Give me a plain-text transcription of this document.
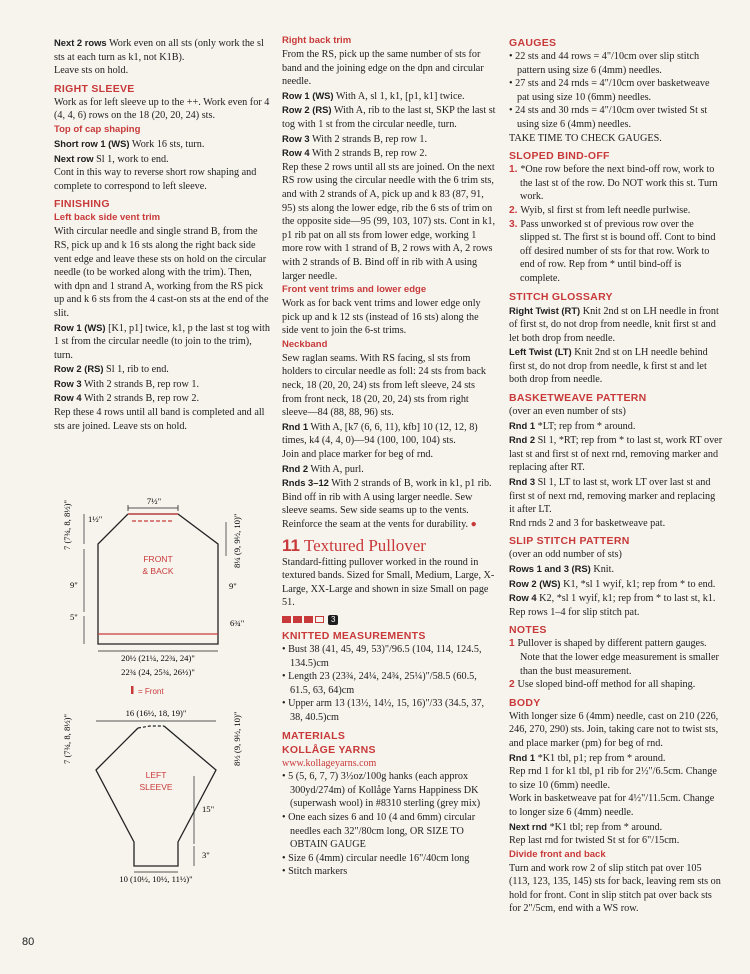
Next 2 rows Work even on all sts (only work the sl sts at each turn as k1, not K1B).

Leave sts on hold.

RIGHT SLEEVE

Work as for left sleeve up to the ++. Work even for 4 (4, 4, 6) rows on the 18 (20, 20, 24) sts.

Top of cap shaping

Short row 1 (WS) Work 16 sts, turn.

Next row Sl 1, work to end.

Cont in this way to reverse short row shaping and complete to correspond to left sleeve.

FINISHING

Left back side vent trim

With circular needle and single strand B, from the RS, pick up and k 16 sts along the right back side vent edge and leave these sts on hold on the circular needle (to be worked along with the trim). Then, with dpn and 1 strand A, working from the RS pick up and k 6 sts from the 4 cast-on sts at the end of the slit.

Row 1 (WS) [K1, p1] twice, k1, p the last st tog with 1 st from the circular needle (to join to the trim), turn.

Row 2 (RS) Sl 1, rib to end.

Row 3 With 2 strands B, rep row 1.

Row 4 With 2 strands B, rep row 2.

Rep these 4 rows until all band is completed and all sts are joined. Leave sts on hold.

7½"
1½"
FRONT
& BACK
7 (7¾, 8, 8½)"
9"
5"
8¼ (9, 9½, 10)"
9"
6¾"
20½ (21¼, 22¾, 24)"
22¾ (24, 25¾, 26½)"
= Front
16 (16½, 18, 19)"
LEFT
SLEEVE
7 (7¾, 8, 8½)"	8½ (9, 9½, 10)"
15"
3"
10 (10½, 10½, 11½)"

Right back trim

From the RS, pick up the same number of sts for band and the joining edge on the dpn and circular needle.

Row 1 (WS) With A, sl 1, k1, [p1, k1] twice.

Row 2 (RS) With A, rib to the last st, SKP the last st tog with 1 st from the circular needle, turn.

Row 3 With 2 strands B, rep row 1.

Row 4 With 2 strands B, rep row 2.

Rep these 2 rows until all sts are joined. On the next RS row using the circular needle with the 6 trim sts, and with 2 strands of A, pick up and k 83 (87, 91, 95) sts along the lower edge, rib the 6 sts of trim on the opposite side—95 (99, 103, 107) sts. Cont in k1, p1 rib pat on all sts from lower edge, working 1 more row with 1 strand of B, 2 rows with A, 2 rows with 2 strands of B. Bind off in rib with A using larger needle.

Front vent trims and lower edge

Work as for back vent trims and lower edge only pick up and k 12 sts (instead of 16 sts) along the side vent to join the 6-st trims.

Neckband

Sew raglan seams. With RS facing, sl sts from holders to circular needle as foll: 24 sts from back neck, 18 (20, 20, 24) sts from left sleeve, 24 sts from front neck, 18 (20, 20, 24) sts from right sleeve—84 (88, 88, 96) sts.

Rnd 1 With A, [k7 (6, 6, 11), kfb] 10 (12, 12, 8) times, k4 (4, 4, 0)—94 (100, 100, 104) sts.

Join and place marker for beg of rnd.

Rnd 2 With A, purl.

Rnds 3–12 With 2 strands of B, work in k1, p1 rib. Bind off in rib with A using larger needle. Sew sleeve seams. Sew side seams up to the vents. Reinforce the seam at the vents for durability. ●

11 Textured Pullover

Standard-fitting pullover worked in the round in textured bands. Sized for Small, Medium, Large, X-Large, XX-Large and shown in size Small on page 51.

3

KNITTED MEASUREMENTS

• Bust 38 (41, 45, 49, 53)"/96.5 (104, 114, 124.5, 134.5)cm

• Length 23 (23¾, 24¼, 24¾, 25¼)"/58.5 (60.5, 61.5, 63, 64)cm

• Upper arm 13 (13½, 14½, 15, 16)"/33 (34.5, 37, 38, 40.5)cm

MATERIALS

KOLLÅGE YARNS

www.kollageyarns.com

• 5 (5, 6, 7, 7) 3½oz/100g hanks (each approx 300yd/274m) of Kollåge Yarns Happiness DK (superwash wool) in #8310 sterling (grey mix)

• One each sizes 6 and 10 (4 and 6mm) circular needles each 32"/80cm long, OR SIZE TO OBTAIN GAUGE

• Size 6 (4mm) circular needle 16"/40cm long

• Stitch markers

GAUGES

• 22 sts and 44 rows = 4"/10cm over slip stitch pattern using size 6 (4mm) needles.

• 27 sts and 24 rnds = 4"/10cm over basketweave pat using size 10 (6mm) needles.

• 24 sts and 30 rnds = 4"/10cm over twisted St st using size 6 (4mm) needles.

TAKE TIME TO CHECK GAUGES.

SLOPED BIND-OFF

1. *One row before the next bind-off row, work to the last st of the row. Do NOT work this st. Turn work.

2. Wyib, sl first st from left needle purlwise.

3. Pass unworked st of previous row over the slipped st. The first st is bound off. Cont to bind off desired number of sts for that row. Work to end of row. Rep from * until bind-off is complete.

STITCH GLOSSARY

Right Twist (RT) Knit 2nd st on LH needle in front of first st, do not drop from needle, knit first st and let both drop from needle.

Left Twist (LT) Knit 2nd st on LH needle behind first st, do not drop from needle, k first st and let both drop from needle.

BASKETWEAVE PATTERN

(over an even number of sts)

Rnd 1 *LT; rep from * around.

Rnd 2 Sl 1, *RT; rep from * to last st, work RT over last st and first st of next rnd, removing marker and replacing after RT.

Rnd 3 Sl 1, LT to last st, work LT over last st and first st of next rnd, removing marker and replacing it after LT.

Rnd rnds 2 and 3 for basketweave pat.

SLIP STITCH PATTERN

(over an odd number of sts)

Rows 1 and 3 (RS) Knit.

Row 2 (WS) K1, *sl 1 wyif, k1; rep from * to end.

Row 4 K2, *sl 1 wyif, k1; rep from * to last st, k1.

Rep rows 1–4 for slip stitch pat.

NOTES

1 Pullover is shaped by different pattern gauges. Note that the lower edge measurement is smaller than the bust measurement.

2 Use sloped bind-off method for all shaping.

BODY

With longer size 6 (4mm) needle, cast on 210 (226, 246, 270, 290) sts. Join, taking care not to twist sts, and place marker (pm) for beg of rnd.

Rnd 1 *K1 tbl, p1; rep from * around.

Rep rnd 1 for k1 tbl, p1 rib for 2½"/6.5cm. Change to size 10 (6mm) needle.

Work in basketweave pat for 4½"/11.5cm. Change to longer size 6 (4mm) needle.

Next rnd *K1 tbl; rep from * around.

Rep last rnd for twisted St st for 6"/15cm.

Divide front and back

Turn and work row 2 of slip stitch pat over 105 (113, 123, 135, 145) sts for back, leaving rem sts on hold for front. Cont in slip stitch pat over back sts for 2"/5cm, end with a WS row.

80
